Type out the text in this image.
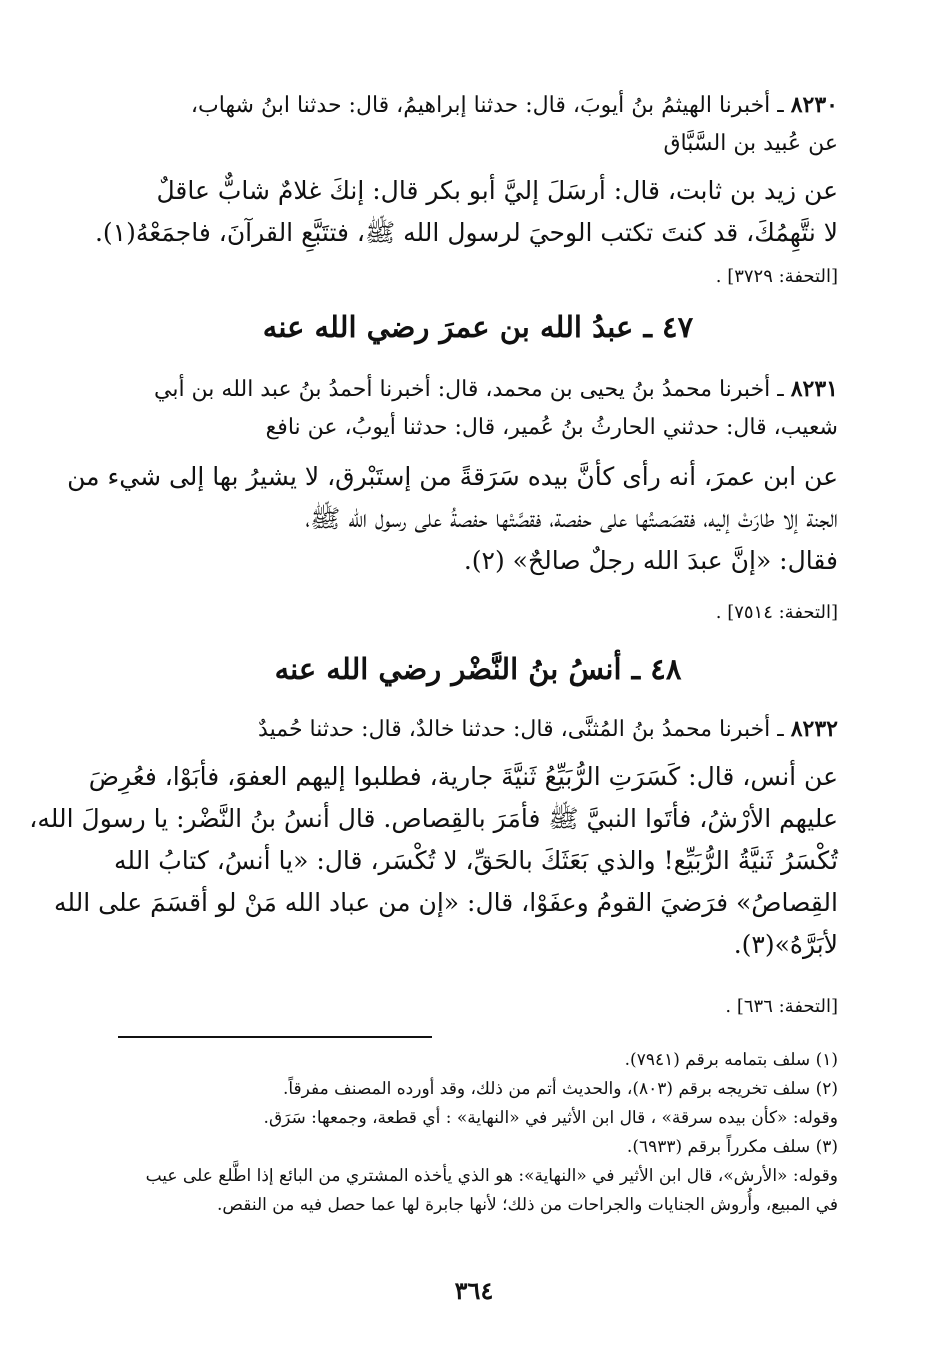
٨٢٣٠ ـ أخبرنا الهيثمُ بنُ أيوبَ، قال: حدثنا إبراهيمُ، قال: حدثنا ابنُ شهاب،
عن عُبيد بن السَّبَّاق
عن زيد بن ثابت، قال: أرسَلَ إليَّ أبو بكر قال: إنكَ غلامٌ شابٌّ عاقلٌ
لا نتَّهِمُكَ، قد كنتَ تكتب الوحيَ لرسول الله ﷺ، فتتَبَّعِ القرآنَ، فاجمَعْهُ(١).
[التحفة: ٣٧٢٩] .
٤٧ ـ عبدُ الله بن عمرَ رضي الله عنه
٨٢٣١ ـ أخبرنا محمدُ بنُ يحيى بن محمد، قال: أخبرنا أحمدُ بنُ عبد الله بن أبي
شعيب، قال: حدثني الحارثُ بنُ عُمير، قال: حدثنا أيوبُ، عن نافع
عن ابن عمرَ، أنه رأى كأنَّ بيده سَرَقةً من إستَبْرق، لا يشيرُ بها إلى شيء من
الجنة إلا طارَتْ إليه، فقصَصتُها على حفصة، فقصَّتْها حفصةُ على رسول الله ﷺ،
فقال: «إنَّ عبدَ الله رجلٌ صالحٌ» (٢).
[التحفة: ٧٥١٤] .
٤٨ ـ أنسُ بنُ النَّضْر رضي الله عنه
٨٢٣٢ ـ أخبرنا محمدُ بنُ المُثنَّى، قال: حدثنا خالدٌ، قال: حدثنا حُميدٌ
عن أنس، قال: كَسَرَتِ الرُّبَيِّعُ ثَنيَّةَ جارية، فطلبوا إليهم العفوَ، فأبَوْا، فعُرِضَ
عليهم الأرْشُ، فأتَوا النبيَّ ﷺ فأمَرَ بالقِصاص. قال أنسُ بنُ النَّضْر: يا رسولَ الله،
تُكْسَرُ ثَنيَّةُ الرُّبَيِّع! والذي بَعَثَكَ بالحَقِّ، لا تُكْسَر، قال: «يا أنسُ، كتابُ الله
القِصاصُ» فرَضيَ القومُ وعفَوْا، قال: «إن من عباد الله مَنْ لو أقسَمَ على الله
لأبَرَّهُ»(٣).
[التحفة: ٦٣٦] .
(١) سلف بتمامه برقم (٧٩٤١).
(٢) سلف تخريجه برقم (٨٠٣)، والحديث أتم من ذلك، وقد أورده المصنف مفرقاً.
وقوله: «كأن بيده سرقة» ، قال ابن الأثير في «النهاية» : أي قطعة، وجمعها: سَرَق.
(٣) سلف مكرراً برقم (٦٩٣٣).
وقوله: «الأرش»، قال ابن الأثير في «النهاية»: هو الذي يأخذه المشتري من البائع إذا اطَّلع على عيب
في المبيع، وأُروش الجنايات والجراحات من ذلك؛ لأنها جابرة لها عما حصل فيه من النقص.
٣٦٤
